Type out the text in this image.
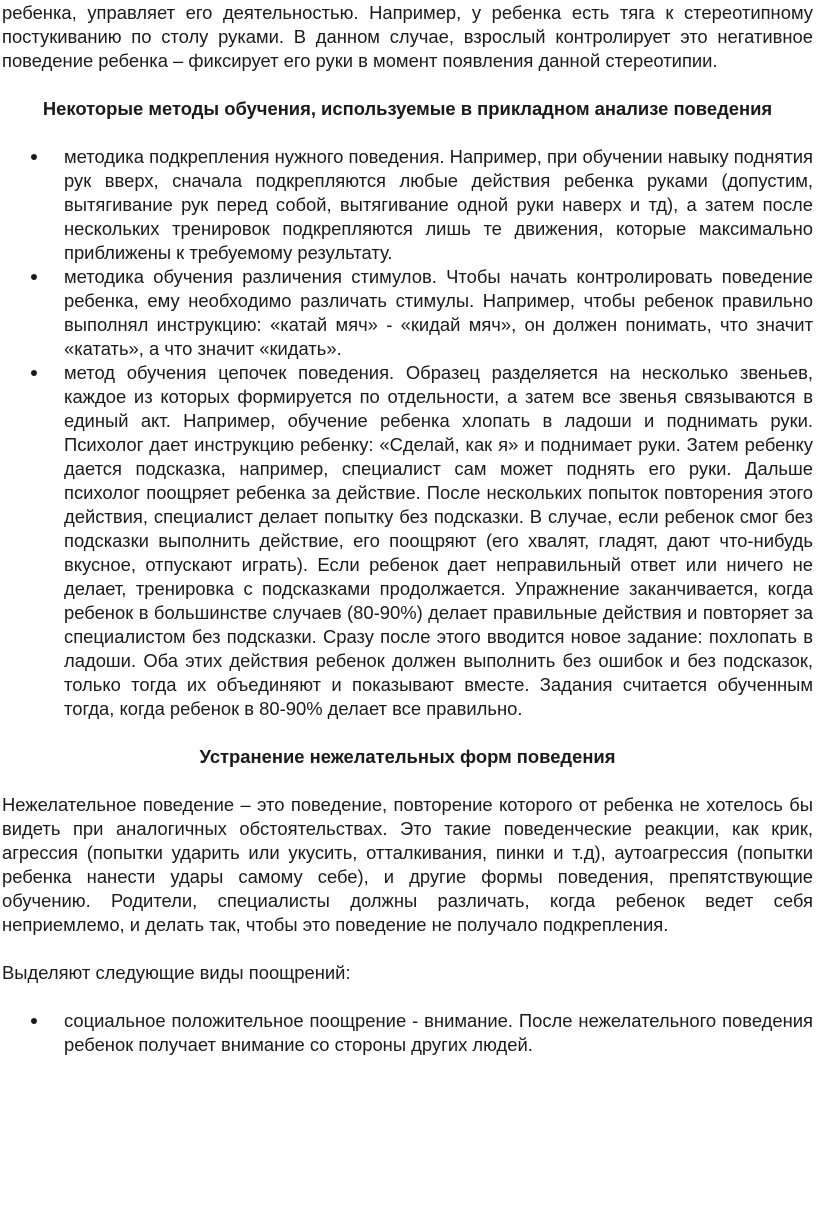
ребенка, управляет его деятельностью. Например, у ребенка есть тяга к стереотипному постукиванию по столу руками. В данном случае, взрослый контролирует это негативное поведение ребенка – фиксирует его руки в момент появления данной стереотипии.

Некоторые методы обучения, используемые в прикладном анализе поведения
методика подкрепления нужного поведения. Например, при обучении навыку поднятия рук вверх, сначала подкрепляются любые действия ребенка руками (допустим, вытягивание рук перед собой, вытягивание одной руки наверх и тд), а затем после нескольких тренировок подкрепляются лишь те движения, которые максимально приближены к требуемому результату.
методика обучения различения стимулов. Чтобы начать контролировать поведение ребенка, ему необходимо различать стимулы. Например, чтобы ребенок правильно выполнял инструкцию: «катай мяч» - «кидай мяч», он должен понимать, что значит «катать», а что значит «кидать».
метод обучения цепочек поведения. Образец разделяется на несколько звеньев, каждое из которых формируется по отдельности, а затем все звенья связываются в единый акт. Например, обучение ребенка хлопать в ладоши и поднимать руки. Психолог дает инструкцию ребенку: «Сделай, как я» и поднимает руки. Затем ребенку дается подсказка, например, специалист сам может поднять его руки. Дальше психолог поощряет ребенка за действие. После нескольких попыток повторения этого действия, специалист делает попытку без подсказки. В случае, если ребенок смог без подсказки выполнить действие, его поощряют (его хвалят, гладят, дают что-нибудь вкусное, отпускают играть). Если ребенок дает неправильный ответ или ничего не делает, тренировка с подсказками продолжается. Упражнение заканчивается, когда ребенок в большинстве случаев (80-90%) делает правильные действия и повторяет за специалистом без подсказки. Сразу после этого вводится новое задание: похлопать в ладоши. Оба этих действия ребенок должен выполнить без ошибок и без подсказок, только тогда их объединяют и показывают вместе. Задания считается обученным тогда, когда ребенок в 80-90% делает все правильно.
Устранение нежелательных форм поведения

Нежелательное поведение – это поведение, повторение которого от ребенка не хотелось бы видеть при аналогичных обстоятельствах. Это такие поведенческие реакции, как крик, агрессия (попытки ударить или укусить, отталкивания, пинки и т.д), аутоагрессия (попытки ребенка нанести удары самому себе), и другие формы поведения, препятствующие обучению. Родители, специалисты должны различать, когда ребенок ведет себя неприемлемо, и делать так, чтобы это поведение не получало подкрепления.

Выделяют следующие виды поощрений:

социальное положительное поощрение - внимание. После нежелательного поведения ребенок получает внимание со стороны других людей.
